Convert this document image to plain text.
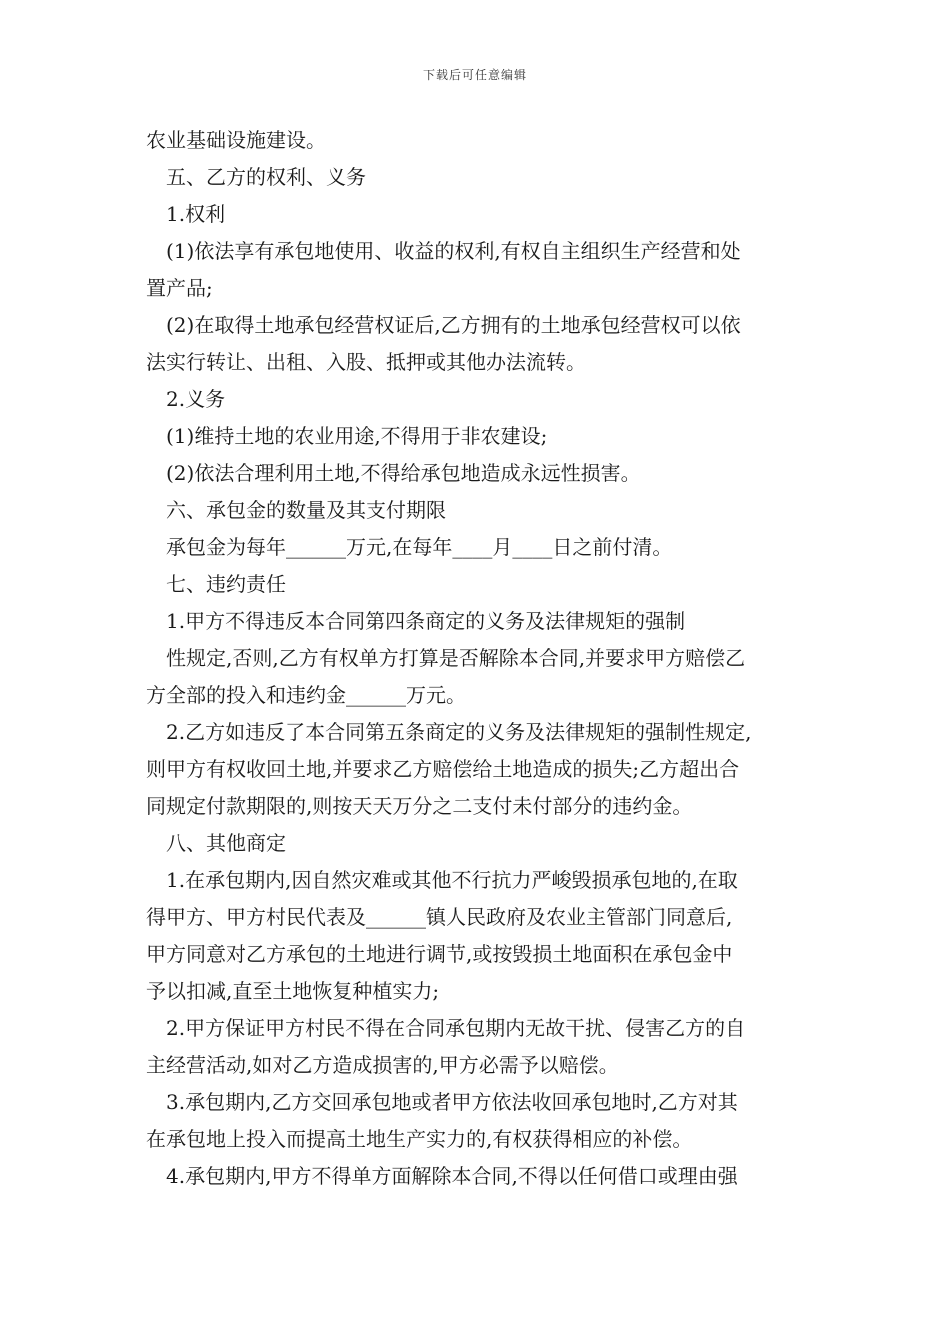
下载后可任意编辑
农业基础设施建设。
五、乙方的权利、义务
1.权利
(1)依法享有承包地使用、收益的权利,有权自主组织生产经营和处
置产品;
(2)在取得土地承包经营权证后,乙方拥有的土地承包经营权可以依
法实行转让、出租、入股、抵押或其他办法流转。
2.义务
(1)维持土地的农业用途,不得用于非农建设;
(2)依法合理利用土地,不得给承包地造成永远性损害。
六、承包金的数量及其支付期限
承包金为每年______万元,在每年____月____日之前付清。
七、违约责任
1.甲方不得违反本合同第四条商定的义务及法律规矩的强制
性规定,否则,乙方有权单方打算是否解除本合同,并要求甲方赔偿乙
方全部的投入和违约金______万元。
2.乙方如违反了本合同第五条商定的义务及法律规矩的强制性规定,
则甲方有权收回土地,并要求乙方赔偿给土地造成的损失;乙方超出合
同规定付款期限的,则按天天万分之二支付未付部分的违约金。
八、其他商定
1.在承包期内,因自然灾难或其他不行抗力严峻毁损承包地的,在取
得甲方、甲方村民代表及______镇人民政府及农业主管部门同意后,
甲方同意对乙方承包的土地进行调节,或按毁损土地面积在承包金中
予以扣减,直至土地恢复种植实力;
2.甲方保证甲方村民不得在合同承包期内无故干扰、侵害乙方的自
主经营活动,如对乙方造成损害的,甲方必需予以赔偿。
3.承包期内,乙方交回承包地或者甲方依法收回承包地时,乙方对其
在承包地上投入而提高土地生产实力的,有权获得相应的补偿。
4.承包期内,甲方不得单方面解除本合同,不得以任何借口或理由强
